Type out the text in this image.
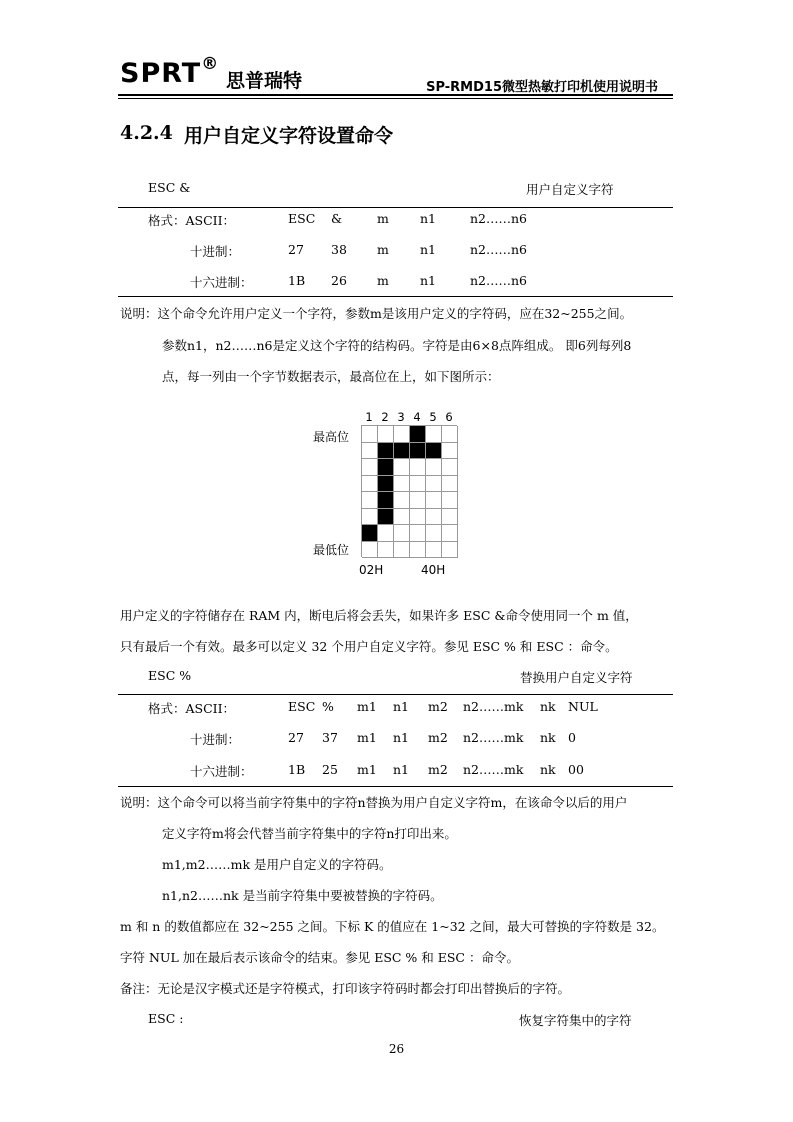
SPRT®
思普瑞特	SP-RMD15微型热敏打印机使用说明书
4.2.4 用户自定义字符设置命令
ESC &	用户自定义字符
格式：ASCII：	ESC &	m n1	n2……n6
十进制：	27 38 m n1	n2……n6
十六进制：	1B 26 m n1	n2……n6
说明：这个命令允许用户定义一个字符，参数m是该用户定义的字符码，应在32~255之间。
参数n1，n2……n6是定义这个字符的结构码。字符是由6×8点阵组成。 即6列每列8
点，每一列由一个字节数据表示，最高位在上，如下图所示：
1 2 3 4 5 6
最高位
最低位
02H	40H
用户定义的字符储存在 RAM 内，断电后将会丢失，如果许多 ESC &命令使用同一个 m 值，
只有最后一个有效。最多可以定义 32 个用户自定义字符。参见 ESC % 和 ESC ：命令。
ESC %	替换用户自定义字符
格式：ASCII：	ESC % m1 n1 m2 n2……mk nk NUL
十进制：	27 37 m1 n1 m2 n2……mk nk 0
十六进制：	1B 25 m1 n1 m2 n2……mk nk 00
说明：这个命令可以将当前字符集中的字符n替换为用户自定义字符m，在该命令以后的用户
定义字符m将会代替当前字符集中的字符n打印出来。
m1,m2……mk 是用户自定义的字符码。
n1,n2……nk 是当前字符集中要被替换的字符码。
m 和 n 的数值都应在 32~255 之间。下标 K 的值应在 1~32 之间，最大可替换的字符数是 32。
字符 NUL 加在最后表示该命令的结束。参见 ESC % 和 ESC ：命令。
备注：无论是汉字模式还是字符模式，打印该字符码时都会打印出替换后的字符。
ESC :	恢复字符集中的字符
26
